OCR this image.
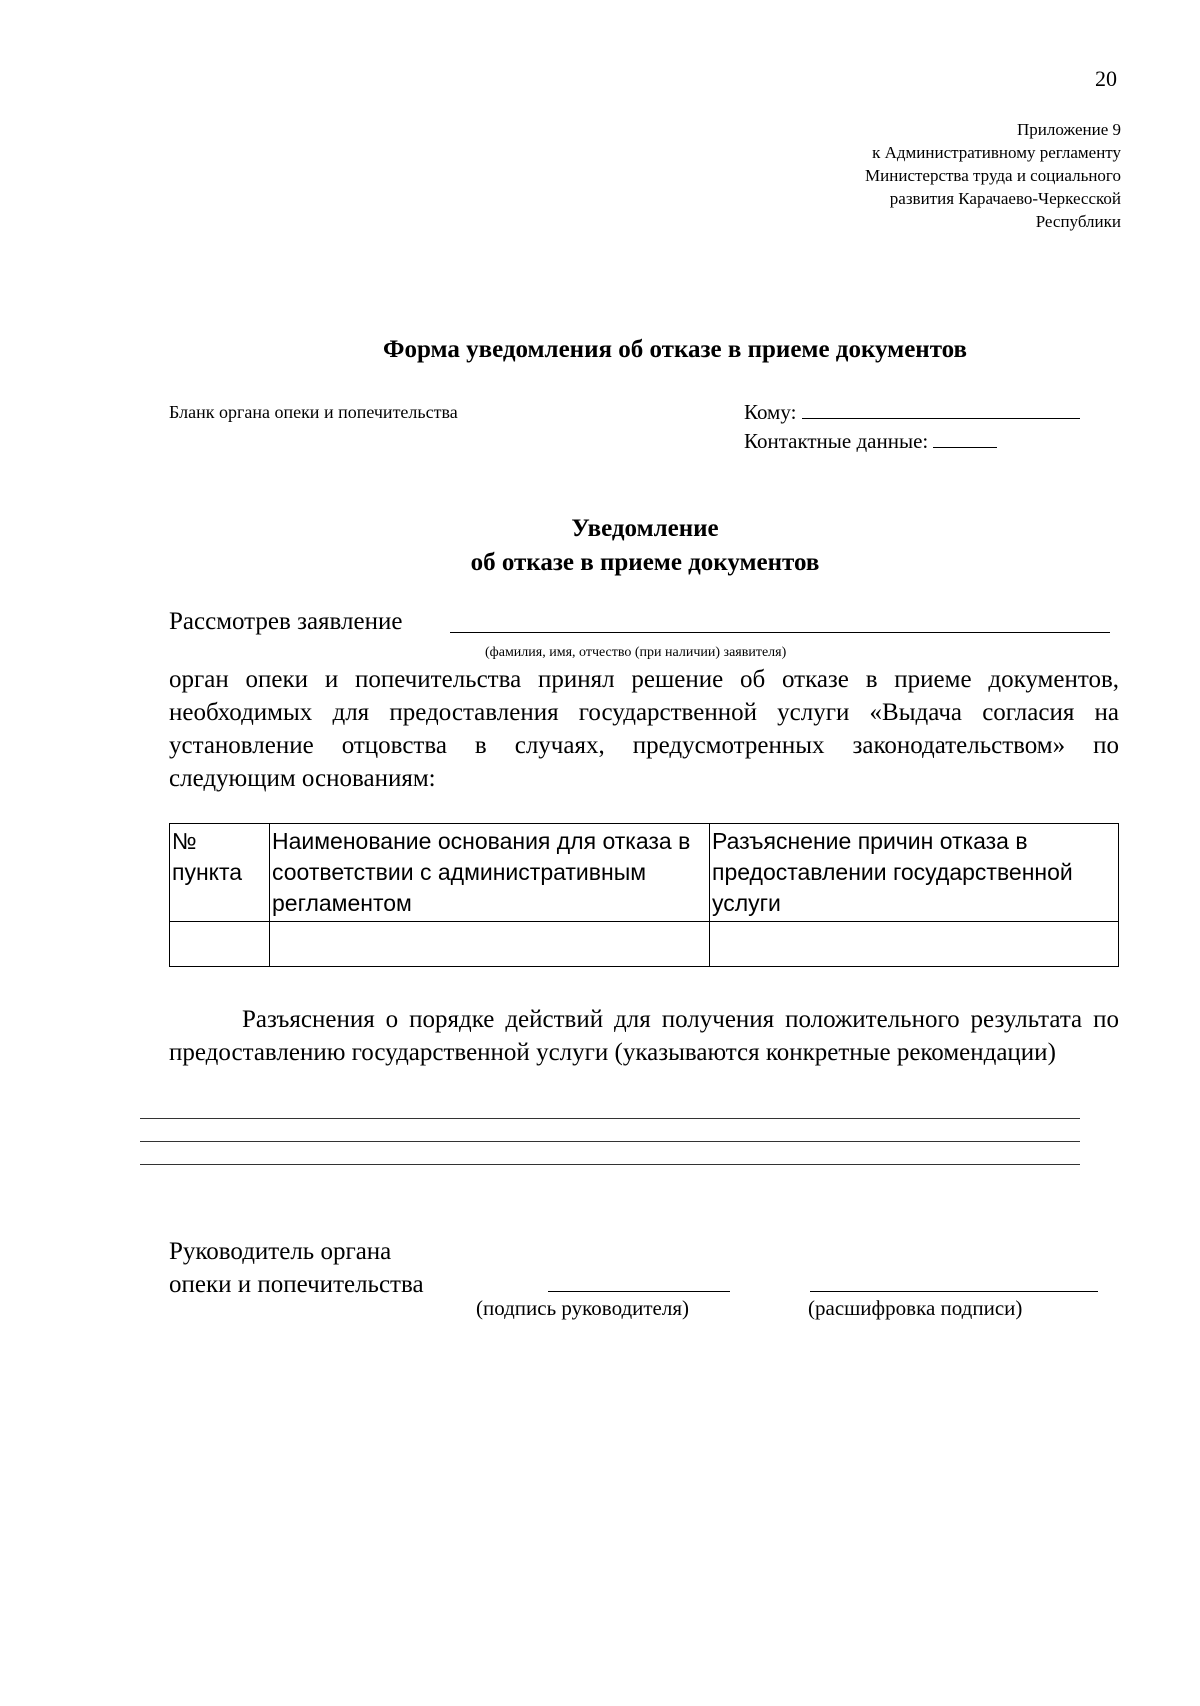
20
Приложение 9
к Административному регламенту
Министерства труда и социального
развития Карачаево-Черкесской
Республики
Форма уведомления об отказе в приеме документов
Бланк органа опеки и попечительства	Кому:
Контактные данные:
Уведомление
об отказе в приеме документов
Рассмотрев заявление
(фамилия, имя, отчество (при наличии) заявителя)

орган опеки и попечительства принял решение об отказе в приеме документов, необходимых для предоставления государственной услуги «Выдача согласия на установление отцовства в случаях, предусмотренных законодательством» по следующим основаниям:

№ пункта	Наименование основания для отказа в соответствии с административным регламентом	Разъяснение причин отказа в предоставлении государственной услуги

Разъяснения о порядке действий для получения положительного результата по предоставлению государственной услуги (указываются конкретные рекомендации)
Руководитель органа
опеки и попечительства
(подпись руководителя)	(расшифровка подписи)
